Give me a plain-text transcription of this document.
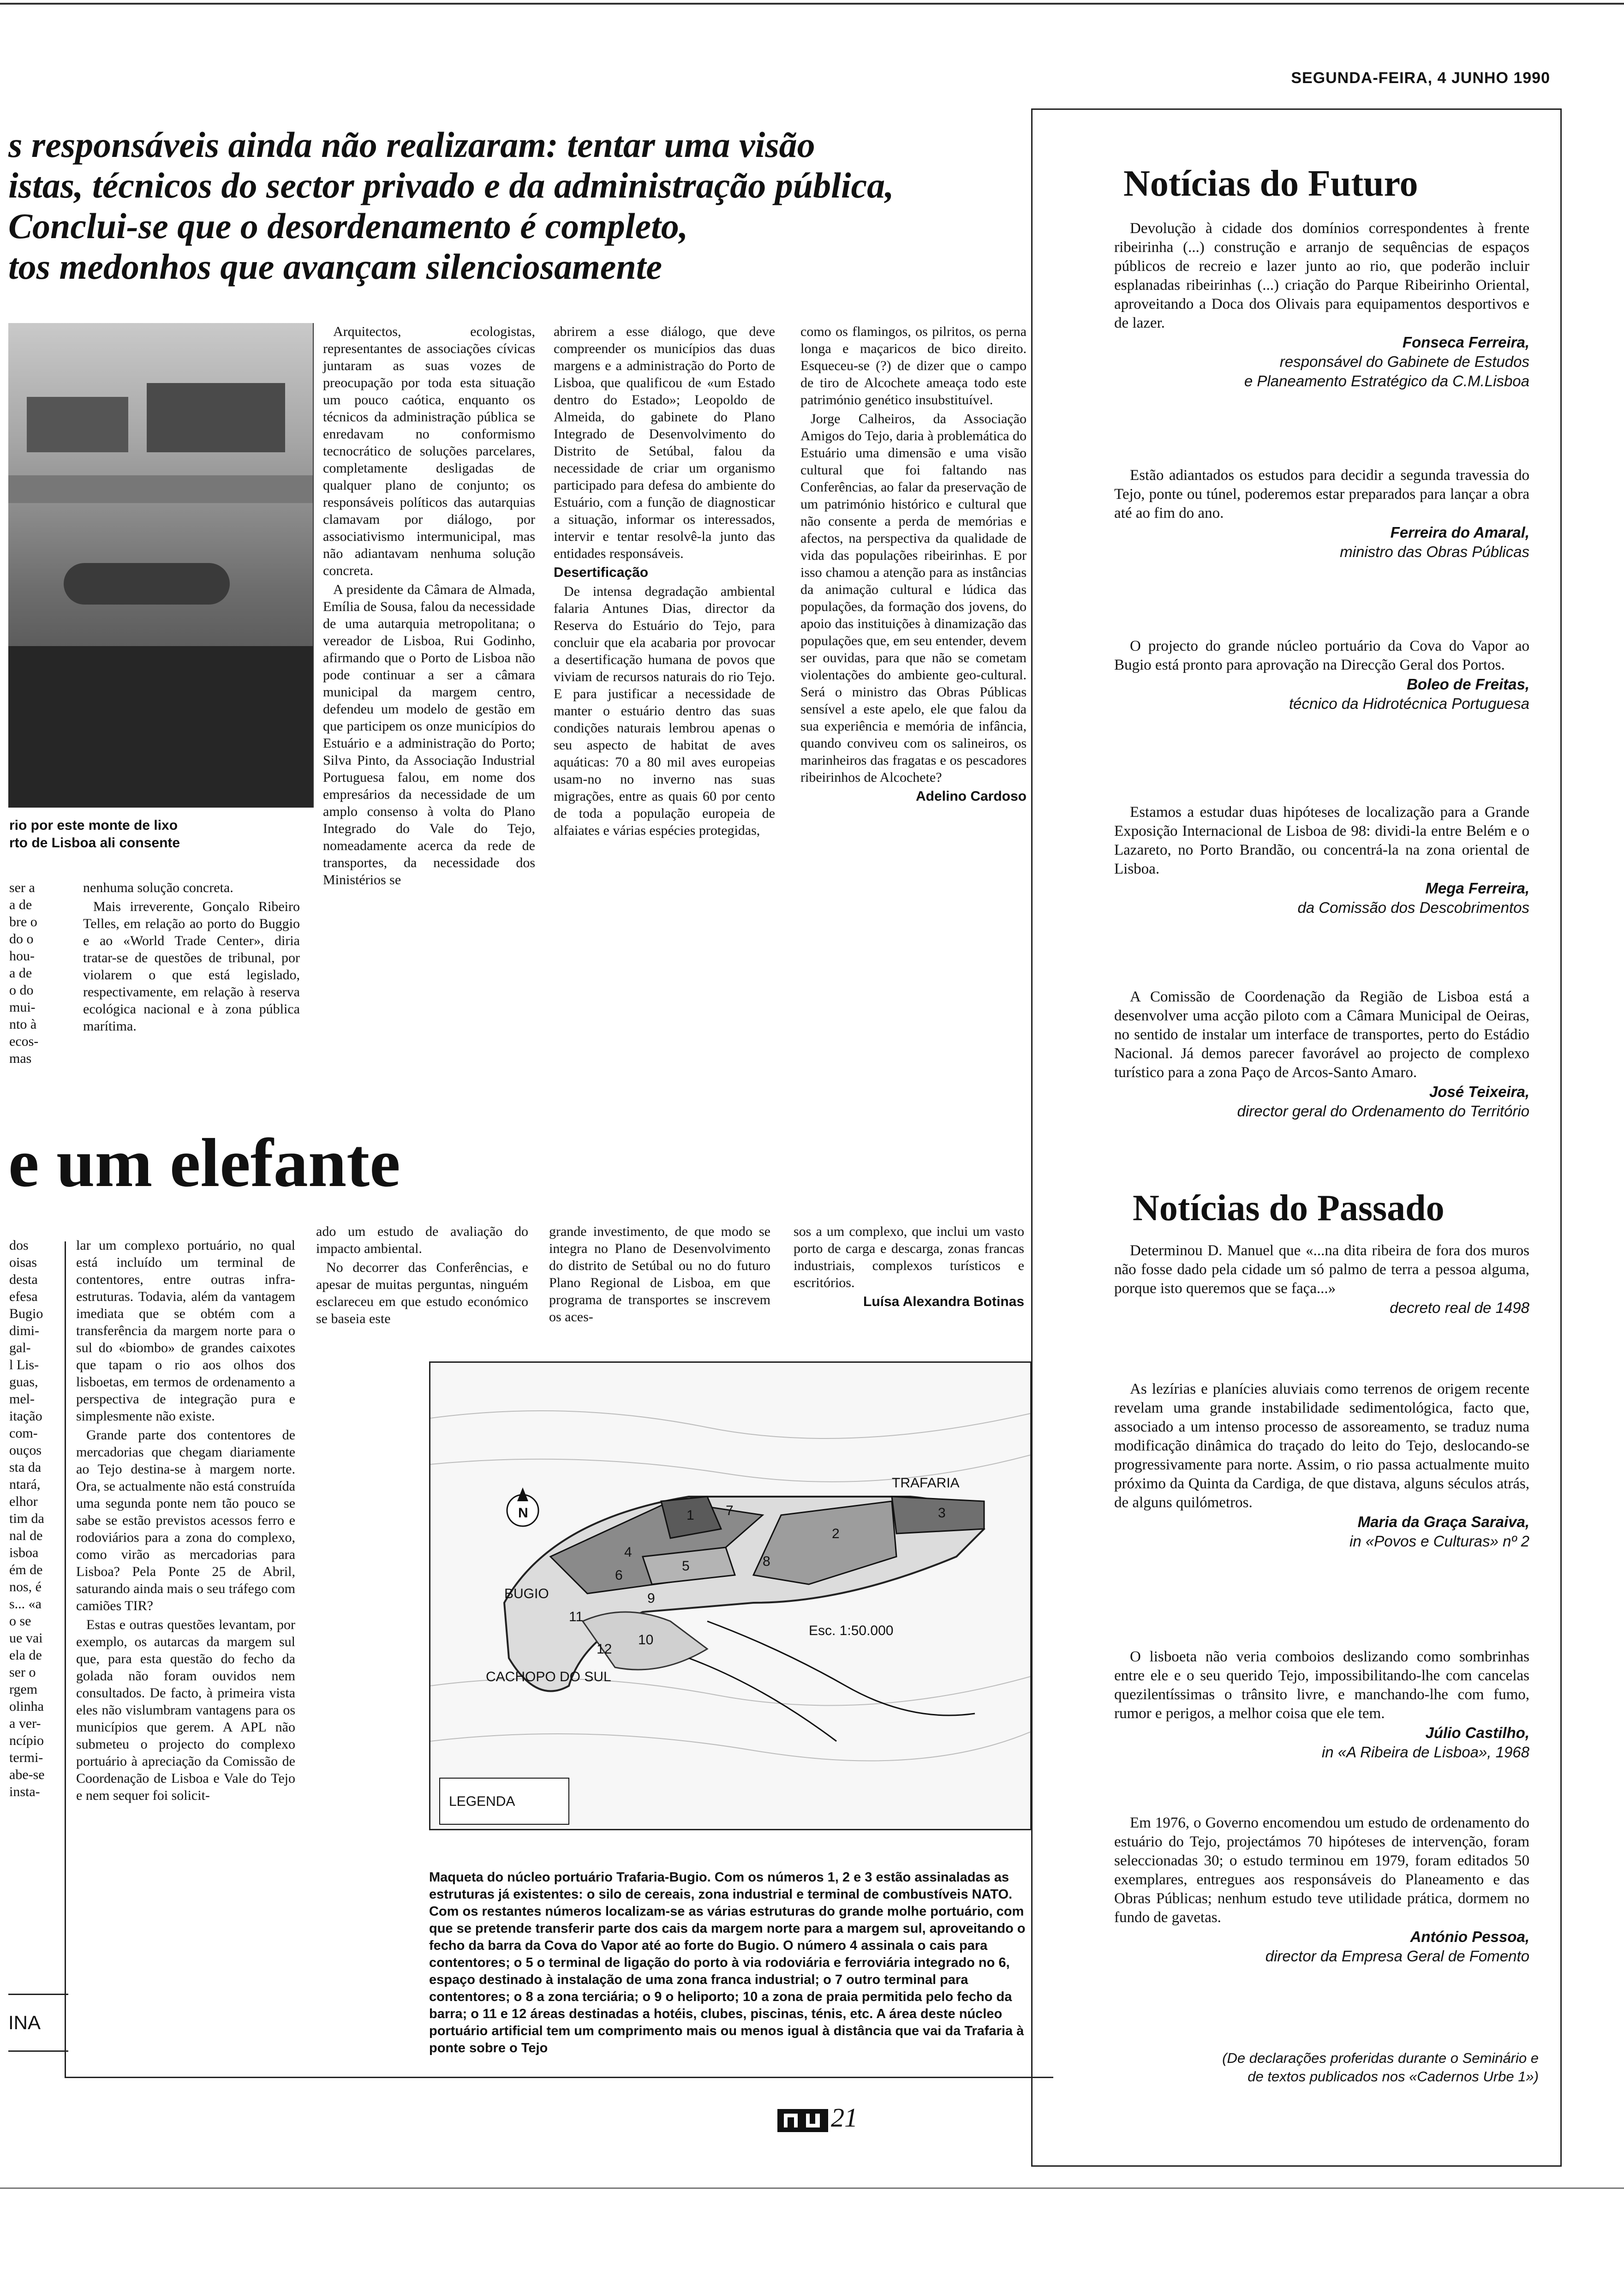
SEGUNDA-FEIRA, 4 JUNHO 1990
s responsáveis ainda não realizaram: tentar uma visão
istas, técnicos do sector privado e da administração pública,
Conclui-se que o desordenamento é completo,
tos medonhos que avançam silenciosamente
rio por este monte de lixo
rto de Lisboa ali consente

Arquitectos, ecologistas, representantes de associações cívicas juntaram as suas vozes de preocupação por toda esta situação um pouco caótica, enquanto os técnicos da administração pública se enredavam no conformismo tecnocrático de soluções parcelares, completamente desligadas de qualquer plano de conjunto; os responsáveis políticos das autarquias clamavam por diálogo, por associativismo intermunicipal, mas não adiantavam nenhuma solução concreta.

A presidente da Câmara de Almada, Emília de Sousa, falou da necessidade de uma autarquia metropolitana; o vereador de Lisboa, Rui Godinho, afirmando que o Porto de Lisboa não pode continuar a ser a câmara municipal da margem centro, defendeu um modelo de gestão em que participem os onze municípios do Estuário e a administração do Porto; Silva Pinto, da Associação Industrial Portuguesa falou, em nome dos empresários da necessidade de um amplo consenso à volta do Plano Integrado do Vale do Tejo, nomeadamente acerca da rede de transportes, da necessidade dos Ministérios se

abrirem a esse diálogo, que deve compreender os municípios das duas margens e a administração do Porto de Lisboa, que qualificou de «um Estado dentro do Estado»; Leopoldo de Almeida, do gabinete do Plano Integrado de Desenvolvimento do Distrito de Setúbal, falou da necessidade de criar um organismo participado para defesa do ambiente do Estuário, com a função de diagnosticar a situação, informar os interessados, intervir e tentar resolvê-la junto das entidades responsáveis.

Desertificação

De intensa degradação ambiental falaria Antunes Dias, director da Reserva do Estuário do Tejo, para concluir que ela acabaria por provocar a desertificação humana de povos que viviam de recursos naturais do rio Tejo. E para justificar a necessidade de manter o estuário dentro das suas condições naturais lembrou apenas o seu aspecto de habitat de aves aquáticas: 70 a 80 mil aves europeias usam-no no inverno nas suas migrações, entre as quais 60 por cento de toda a população europeia de alfaiates e várias espécies protegidas,

como os flamingos, os pilritos, os perna longa e maçaricos de bico direito. Esqueceu-se (?) de dizer que o campo de tiro de Alcochete ameaça todo este património genético insubstituível.

Jorge Calheiros, da Associação Amigos do Tejo, daria à problemática do Estuário uma dimensão e uma visão cultural que foi faltando nas Conferências, ao falar da preservação de um património histórico e cultural que não consente a perda de memórias e afectos, na perspectiva da qualidade de vida das populações ribeirinhas. E por isso chamou a atenção para as instâncias da animação cultural e lúdica das populações, da formação dos jovens, do apoio das instituições à dinamização das populações que, em seu entender, devem ser ouvidas, para que não se cometam violentações do ambiente geo-cultural. Será o ministro das Obras Públicas sensível a este apelo, ele que falou da sua experiência e memória de infância, quando conviveu com os salineiros, os marinheiros das fragatas e os pescadores ribeirinhos de Alcochete?

Adelino Cardoso

ser a
a de
bre o
do o
hou-
a de
o do
mui-
nto à
ecos-
mas

nenhuma solução concreta.

Mais irreverente, Gonçalo Ribeiro Telles, em relação ao porto do Buggio e ao «World Trade Center», diria tratar-se de questões de tribunal, por violarem o que está legislado, respectivamente, em relação à reserva ecológica nacional e à zona pública marítima.

e um elefante
dos
oisas
desta
efesa
Bugio
dimi-
gal-
l Lis-
guas,
mel-
itação
com-
ouços
sta da
ntará,
elhor
tim da
nal de
isboa
ém de
nos, é
s... «a
o se
ue vai
ela de
ser o
rgem
olinha
a ver-
ncípio
termi-
abe-se
insta-

lar um complexo portuário, no qual está incluído um terminal de contentores, entre outras infra-estruturas. Todavia, além da vantagem imediata que se obtém com a transferência da margem norte para o sul do «biombo» de grandes caixotes que tapam o rio aos olhos dos lisboetas, em termos de ordenamento a perspectiva de integração pura e simplesmente não existe.

Grande parte dos contentores de mercadorias que chegam diariamente ao Tejo destina-se à margem norte. Ora, se actualmente não está construída uma segunda ponte nem tão pouco se sabe se estão previstos acessos ferro e rodoviários para a zona do complexo, como virão as mercadorias para Lisboa? Pela Ponte 25 de Abril, saturando ainda mais o seu tráfego com camiões TIR?

Estas e outras questões levantam, por exemplo, os autarcas da margem sul que, para esta questão do fecho da golada não foram ouvidos nem consultados. De facto, à primeira vista eles não vislumbram vantagens para os municípios que gerem. A APL não submeteu o projecto do complexo portuário à apreciação da Comissão de Coordenação de Lisboa e Vale do Tejo e nem sequer foi solicit-

ado um estudo de avaliação do impacto ambiental.

No decorrer das Conferências, e apesar de muitas perguntas, ninguém esclareceu em que estudo económico se baseia este

grande investimento, de que modo se integra no Plano de Desenvolvimento do distrito de Setúbal ou no do futuro Plano Regional de Lisboa, em que programa de transportes se inscrevem os aces-

sos a um complexo, que inclui um vasto porto de carga e descarga, zonas francas industriais, complexos turísticos e escritórios.

Luísa Alexandra Botinas

TRAFARIA
BUGIO
CACHOPO DO SUL
LEGENDA
N
Esc. 1:50.000
1
2
3
4
5
6
7
8
9
10
11
12
Maqueta do núcleo portuário Trafaria-Bugio. Com os números 1, 2 e 3 estão assinaladas as estruturas já existentes: o silo de cereais, zona industrial e terminal de combustíveis NATO. Com os restantes números localizam-se as várias estruturas do grande molhe portuário, com que se pretende transferir parte dos cais da margem norte para a margem sul, aproveitando o fecho da barra da Cova do Vapor até ao forte do Bugio. O número 4 assinala o cais para contentores; o 5 o terminal de ligação do porto à via rodoviária e ferroviária integrado no 6, espaço destinado à instalação de uma zona franca industrial; o 7 outro terminal para contentores; o 8 a zona terciária; o 9 o heliporto; 10 a zona de praia permitida pelo fecho da barra; o 11 e 12 áreas destinadas a hotéis, clubes, piscinas, ténis, etc. A área deste núcleo portuário artificial tem um comprimento mais ou menos igual à distância que vai da Trafaria à ponte sobre o Tejo
INA
Notícias do Futuro
Devolução à cidade dos domínios correspondentes à frente ribeirinha (...) construção e arranjo de sequências de espaços públicos de recreio e lazer junto ao rio, que poderão incluir esplanadas ribeirinhas (...) criação do Parque Ribeirinho Oriental, aproveitando a Doca dos Olivais para equipamentos desportivos e de lazer.
Fonseca Ferreira,
responsável do Gabinete de Estudos
e Planeamento Estratégico da C.M.Lisboa
Estão adiantados os estudos para decidir a segunda travessia do Tejo, ponte ou túnel, poderemos estar preparados para lançar a obra até ao fim do ano.
Ferreira do Amaral,
ministro das Obras Públicas
O projecto do grande núcleo portuário da Cova do Vapor ao Bugio está pronto para aprovação na Direcção Geral dos Portos.
Boleo de Freitas,
técnico da Hidrotécnica Portuguesa
Estamos a estudar duas hipóteses de localização para a Grande Exposição Internacional de Lisboa de 98: dividi-la entre Belém e o Lazareto, no Porto Brandão, ou concentrá-la na zona oriental de Lisboa.
Mega Ferreira,
da Comissão dos Descobrimentos
A Comissão de Coordenação da Região de Lisboa está a desenvolver uma acção piloto com a Câmara Municipal de Oeiras, no sentido de instalar um interface de transportes, perto do Estádio Nacional. Já demos parecer favorável ao projecto de complexo turístico para a zona Paço de Arcos-Santo Amaro.
José Teixeira,
director geral do Ordenamento do Território
Notícias do Passado
Determinou D. Manuel que «...na dita ribeira de fora dos muros não fosse dado pela cidade um só palmo de terra a pessoa alguma, porque isto queremos que se faça...»
decreto real de 1498
As lezírias e planícies aluviais como terrenos de origem recente revelam uma grande instabilidade sedimentológica, facto que, associado a um intenso processo de assoreamento, se traduz numa modificação dinâmica do traçado do leito do Tejo, deslocando-se progressivamente para norte. Assim, o rio passa actualmente muito próximo da Quinta da Cardiga, de que distava, alguns séculos atrás, de alguns quilómetros.
Maria da Graça Saraiva,
in «Povos e Culturas» nº 2
O lisboeta não veria comboios deslizando como sombrinhas entre ele e o seu querido Tejo, impossibilitando-lhe com cancelas quezilentíssimas o trânsito livre, e manchando-lhe com fumo, rumor e perigos, a melhor coisa que ele tem.
Júlio Castilho,
in «A Ribeira de Lisboa», 1968
Em 1976, o Governo encomendou um estudo de ordenamento do estuário do Tejo, projectámos 70 hipóteses de intervenção, foram seleccionadas 30; o estudo terminou em 1979, foram editados 50 exemplares, entregues aos responsáveis do Planeamento e das Obras Públicas; nenhum estudo teve utilidade prática, dormem no fundo de gavetas.
António Pessoa,
director da Empresa Geral de Fomento
(De declarações proferidas durante o Seminário e
de textos publicados nos «Cadernos Urbe 1»)
21
